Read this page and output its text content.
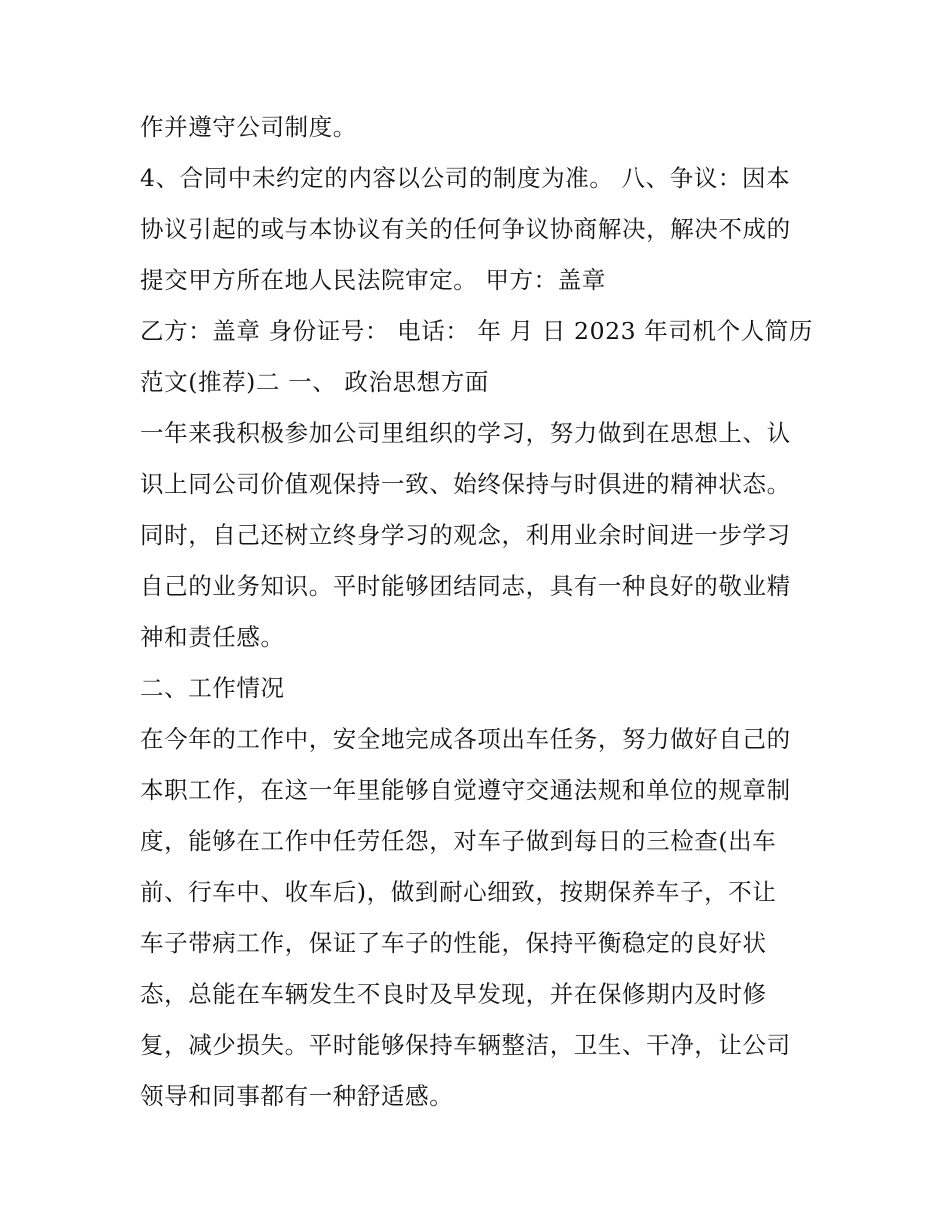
作并遵守公司制度。
4、合同中未约定的内容以公司的制度为准。 八、争议：因本
协议引起的或与本协议有关的任何争议协商解决，解决不成的
提交甲方所在地人民法院审定。 甲方：盖章
乙方：盖章 身份证号： 电话： 年 月 日 2023 年司机个人简历
范文(推荐)二 一、 政治思想方面
一年来我积极参加公司里组织的学习，努力做到在思想上、认
识上同公司价值观保持一致、始终保持与时俱进的精神状态。
同时，自己还树立终身学习的观念，利用业余时间进一步学习
自己的业务知识。平时能够团结同志，具有一种良好的敬业精
神和责任感。
二、工作情况
在今年的工作中，安全地完成各项出车任务，努力做好自己的
本职工作，在这一年里能够自觉遵守交通法规和单位的规章制
度，能够在工作中任劳任怨，对车子做到每日的三检查(出车
前、行车中、收车后)，做到耐心细致，按期保养车子，不让
车子带病工作，保证了车子的性能，保持平衡稳定的良好状
态，总能在车辆发生不良时及早发现，并在保修期内及时修
复，减少损失。平时能够保持车辆整洁，卫生、干净，让公司
领导和同事都有一种舒适感。
